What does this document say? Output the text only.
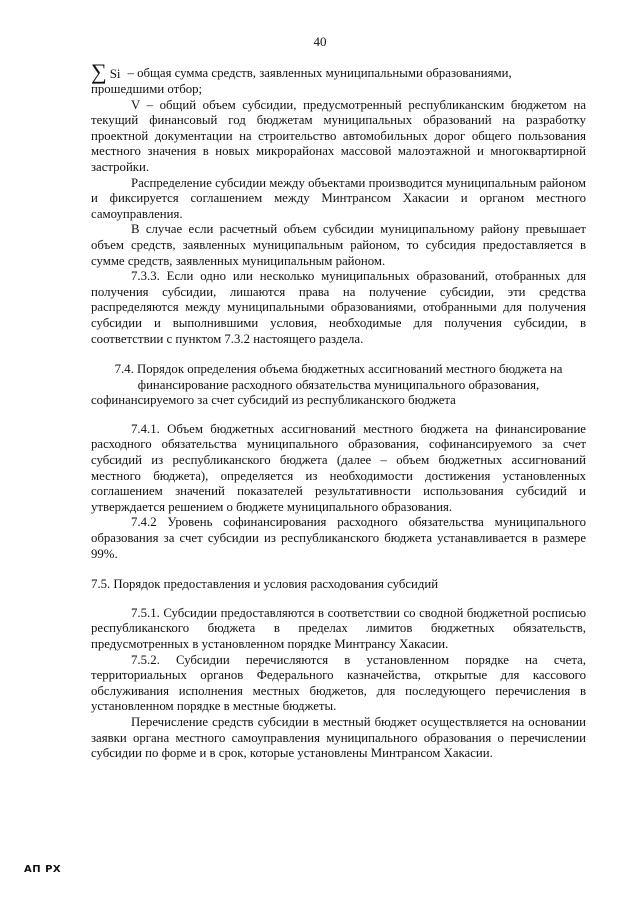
40
∑ Si – общая сумма средств, заявленных муниципальными образованиями,

прошедшими отбор;

V – общий объем субсидии, предусмотренный республиканским бюджетом на текущий финансовый год бюджетам муниципальных образований на разработку проектной документации на строительство автомобильных дорог общего пользования местного значения в новых микрорайонах массовой малоэтажной и многоквартирной застройки.

Распределение субсидии между объектами производится муниципальным районом и фиксируется соглашением между Минтрансом Хакасии и органом местного самоуправления.

В случае если расчетный объем субсидии муниципальному району превышает объем средств, заявленных муниципальным районом, то субсидия предоставляется в сумме средств, заявленных муниципальным районом.

7.3.3. Если одно или несколько муниципальных образований, отобранных для получения субсидии, лишаются права на получение субсидии, эти средства распределяются между муниципальными образованиями, отобранными для получения субсидии и выполнившими условия, необходимые для получения субсидии, в соответствии с пунктом 7.3.2 настоящего раздела.

7.4. Порядок определения объема бюджетных ассигнований местного бюджета на финансирование расходного обязательства муниципального образования, софинансируемого за счет субсидий из республиканского бюджета

7.4.1. Объем бюджетных ассигнований местного бюджета на финансирование расходного обязательства муниципального образования, софинансируемого за счет субсидий из республиканского бюджета (далее – объем бюджетных ассигнований местного бюджета), определяется из необходимости достижения установленных соглашением значений показателей результативности использования субсидий и утверждается решением о бюджете муниципального образования.

7.4.2 Уровень софинансирования расходного обязательства муниципального образования за счет субсидии из республиканского бюджета устанавливается в размере 99%.

7.5. Порядок предоставления и условия расходования субсидий

7.5.1. Субсидии предоставляются в соответствии со сводной бюджетной росписью республиканского бюджета в пределах лимитов бюджетных обязательств, предусмотренных в установленном порядке Минтрансу Хакасии.

7.5.2. Субсидии перечисляются в установленном порядке на счета, территориальных органов Федерального казначейства, открытые для кассового обслуживания исполнения местных бюджетов, для последующего перечисления в установленном порядке в местные бюджеты.

Перечисление средств субсидии в местный бюджет осуществляется на основании заявки органа местного самоуправления муниципального образования о перечислении субсидии по форме и в срок, которые установлены Минтрансом Хакасии.

АП РХ
